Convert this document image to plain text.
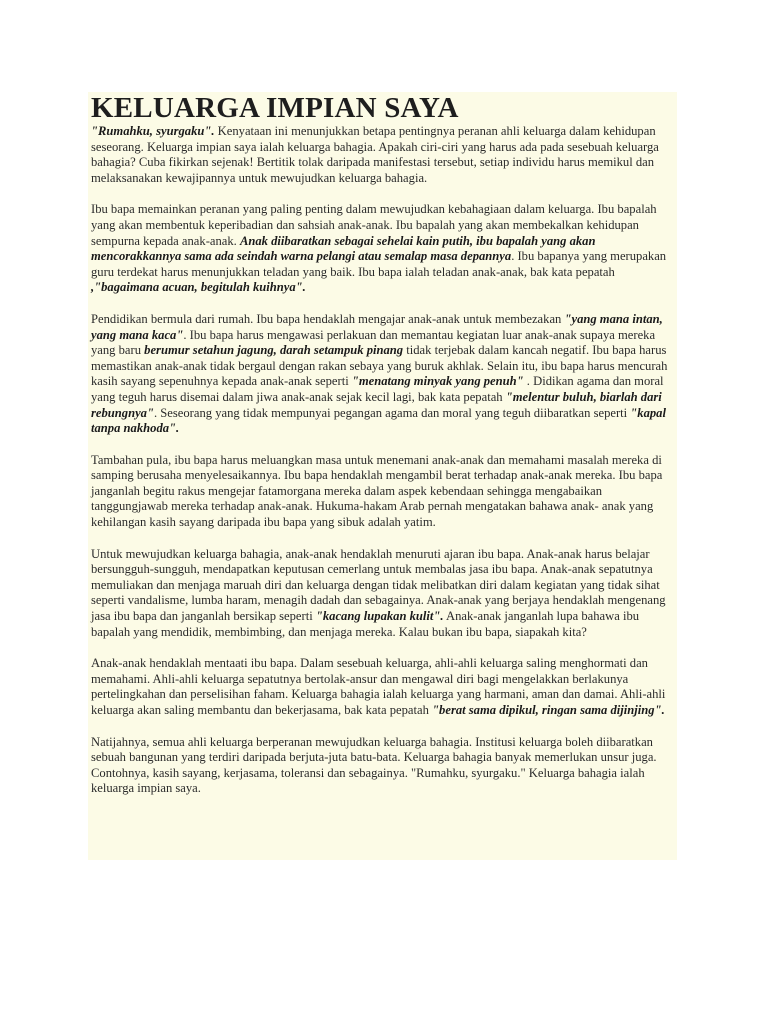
KELUARGA IMPIAN SAYA

"Rumahku, syurgaku". Kenyataan ini menunjukkan betapa pentingnya peranan ahli keluarga dalam kehidupan seseorang. Keluarga impian saya ialah keluarga bahagia. Apakah ciri-ciri yang harus ada pada sesebuah keluarga bahagia? Cuba fikirkan sejenak! Bertitik tolak daripada manifestasi tersebut, setiap individu harus memikul dan melaksanakan kewajipannya untuk mewujudkan keluarga bahagia.

Ibu bapa memainkan peranan yang paling penting dalam mewujudkan kebahagiaan dalam keluarga. Ibu bapalah yang akan membentuk keperibadian dan sahsiah anak-anak. Ibu bapalah yang akan membekalkan kehidupan sempurna kepada anak-anak. Anak diibaratkan sebagai sehelai kain putih, ibu bapalah yang akan mencorakkannya sama ada seindah warna pelangi atau semalap masa depannya. Ibu bapanya yang merupakan guru terdekat harus menunjukkan teladan yang baik. Ibu bapa ialah teladan anak-anak, bak kata pepatah ,"bagaimana acuan, begitulah kuihnya".

Pendidikan bermula dari rumah. Ibu bapa hendaklah mengajar anak-anak untuk membezakan "yang mana intan, yang mana kaca". Ibu bapa harus mengawasi perlakuan dan memantau kegiatan luar anak-anak supaya mereka yang baru berumur setahun jagung, darah setampuk pinang tidak terjebak dalam kancah negatif. Ibu bapa harus memastikan anak-anak tidak bergaul dengan rakan sebaya yang buruk akhlak. Selain itu, ibu bapa harus mencurah kasih sayang sepenuhnya kepada anak-anak seperti "menatang minyak yang penuh" . Didikan agama dan moral yang teguh harus disemai dalam jiwa anak-anak sejak kecil lagi, bak kata pepatah "melentur buluh, biarlah dari rebungnya". Seseorang yang tidak mempunyai pegangan agama dan moral yang teguh diibaratkan seperti "kapal tanpa nakhoda".

Tambahan pula, ibu bapa harus meluangkan masa untuk menemani anak-anak dan memahami masalah mereka di samping berusaha menyelesaikannya. Ibu bapa hendaklah mengambil berat terhadap anak-anak mereka. Ibu bapa janganlah begitu rakus mengejar fatamorgana mereka dalam aspek kebendaan sehingga mengabaikan tanggungjawab mereka terhadap anak-anak. Hukuma-hakam Arab pernah mengatakan bahawa anak- anak yang kehilangan kasih sayang daripada ibu bapa yang sibuk adalah yatim.

Untuk mewujudkan keluarga bahagia, anak-anak hendaklah menuruti ajaran ibu bapa. Anak-anak harus belajar bersungguh-sungguh, mendapatkan keputusan cemerlang untuk membalas jasa ibu bapa. Anak-anak sepatutnya memuliakan dan menjaga maruah diri dan keluarga dengan tidak melibatkan diri dalam kegiatan yang tidak sihat seperti vandalisme, lumba haram, menagih dadah dan sebagainya. Anak-anak yang berjaya hendaklah mengenang jasa ibu bapa dan janganlah bersikap seperti "kacang lupakan kulit". Anak-anak janganlah lupa bahawa ibu bapalah yang mendidik, membimbing, dan menjaga mereka. Kalau bukan ibu bapa, siapakah kita?

Anak-anak hendaklah mentaati ibu bapa. Dalam sesebuah keluarga, ahli-ahli keluarga saling menghormati dan memahami. Ahli-ahli keluarga sepatutnya bertolak-ansur dan mengawal diri bagi mengelakkan berlakunya pertelingkahan dan perselisihan faham. Keluarga bahagia ialah keluarga yang harmani, aman dan damai. Ahli-ahli keluarga akan saling membantu dan bekerjasama, bak kata pepatah "berat sama dipikul, ringan sama dijinjing".

Natijahnya, semua ahli keluarga berperanan mewujudkan keluarga bahagia. Institusi keluarga boleh diibaratkan sebuah bangunan yang terdiri daripada berjuta-juta batu-bata. Keluarga bahagia banyak memerlukan unsur juga. Contohnya, kasih sayang, kerjasama, toleransi dan sebagainya. "Rumahku, syurgaku." Keluarga bahagia ialah keluarga impian saya.
